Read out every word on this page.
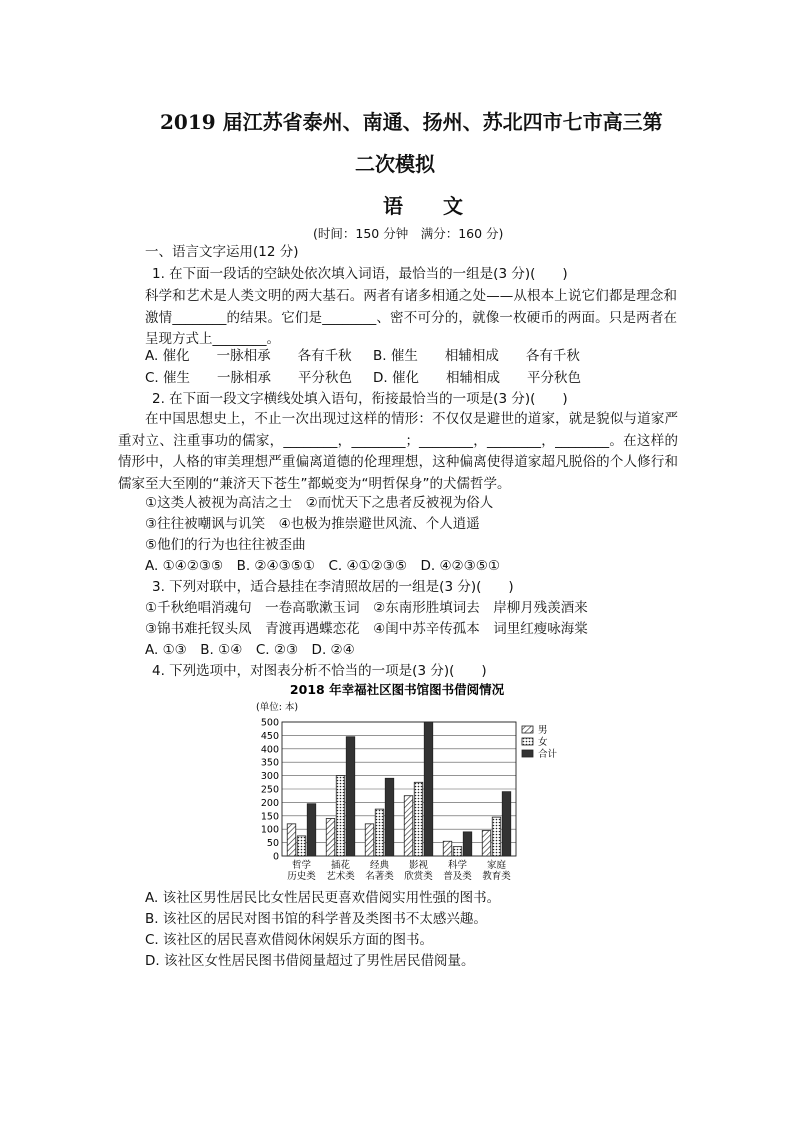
2019 届江苏省泰州、南通、扬州、苏北四市七市高三第
二次模拟
语　　文
(时间：150 分钟　满分：160 分)
一、语言文字运用(12 分)
1. 在下面一段话的空缺处依次填入词语，最恰当的一组是(3 分)(　　)
科学和艺术是人类文明的两大基石。两者有诸多相通之处——从根本上说它们都是理念和激情________的结果。它们是________、密不可分的，就像一枚硬币的两面。只是两者在呈现方式上________。
A. 催化　　一脉相承　　各有千秋 B. 催生　　相辅相成　　各有千秋
C. 催生　　一脉相承　　平分秋色 D. 催化　　相辅相成　　平分秋色
2. 在下面一段文字横线处填入语句，衔接最恰当的一项是(3 分)(　　)
在中国思想史上，不止一次出现过这样的情形：不仅仅是避世的道家，就是貌似与道家严重对立、注重事功的儒家，________，________；________，________，________。在这样的情形中，人格的审美理想严重偏离道德的伦理理想，这种偏离使得道家超凡脱俗的个人修行和儒家至大至刚的“兼济天下苍生”都蜕变为“明哲保身”的犬儒哲学。
①这类人被视为高洁之士　②而忧天下之患者反被视为俗人
③往往被嘲讽与讥笑　④也极为推崇避世风流、个人逍遥
⑤他们的行为也往往被歪曲
A. ①④②③⑤　B. ②④③⑤①　C. ④①②③⑤　D. ④②③⑤①
3. 下列对联中，适合悬挂在李清照故居的一组是(3 分)(　　)
①千秋绝唱消魂句　一卷高歌漱玉词　②东南形胜填词去　岸柳月残羡酒来
③锦书难托钗头凤　青渡再遇蝶恋花　④闺中苏辛传孤本　词里红瘦咏海棠
A. ①③　B. ①④　C. ②③　D. ②④
4. 下列选项中，对图表分析不恰当的一项是(3 分)(　　)
2018 年幸福社区图书馆图书借阅情况
(单位: 本)
0
50
100
150
200
250
300
350
400
450
500
哲学
历史类
插花
艺术类
经典
名著类
影视
欣赏类
科学
普及类
家庭
教育类
男
女
合计
A. 该社区男性居民比女性居民更喜欢借阅实用性强的图书。
B. 该社区的居民对图书馆的科学普及类图书不太感兴趣。
C. 该社区的居民喜欢借阅休闲娱乐方面的图书。
D. 该社区女性居民图书借阅量超过了男性居民借阅量。
